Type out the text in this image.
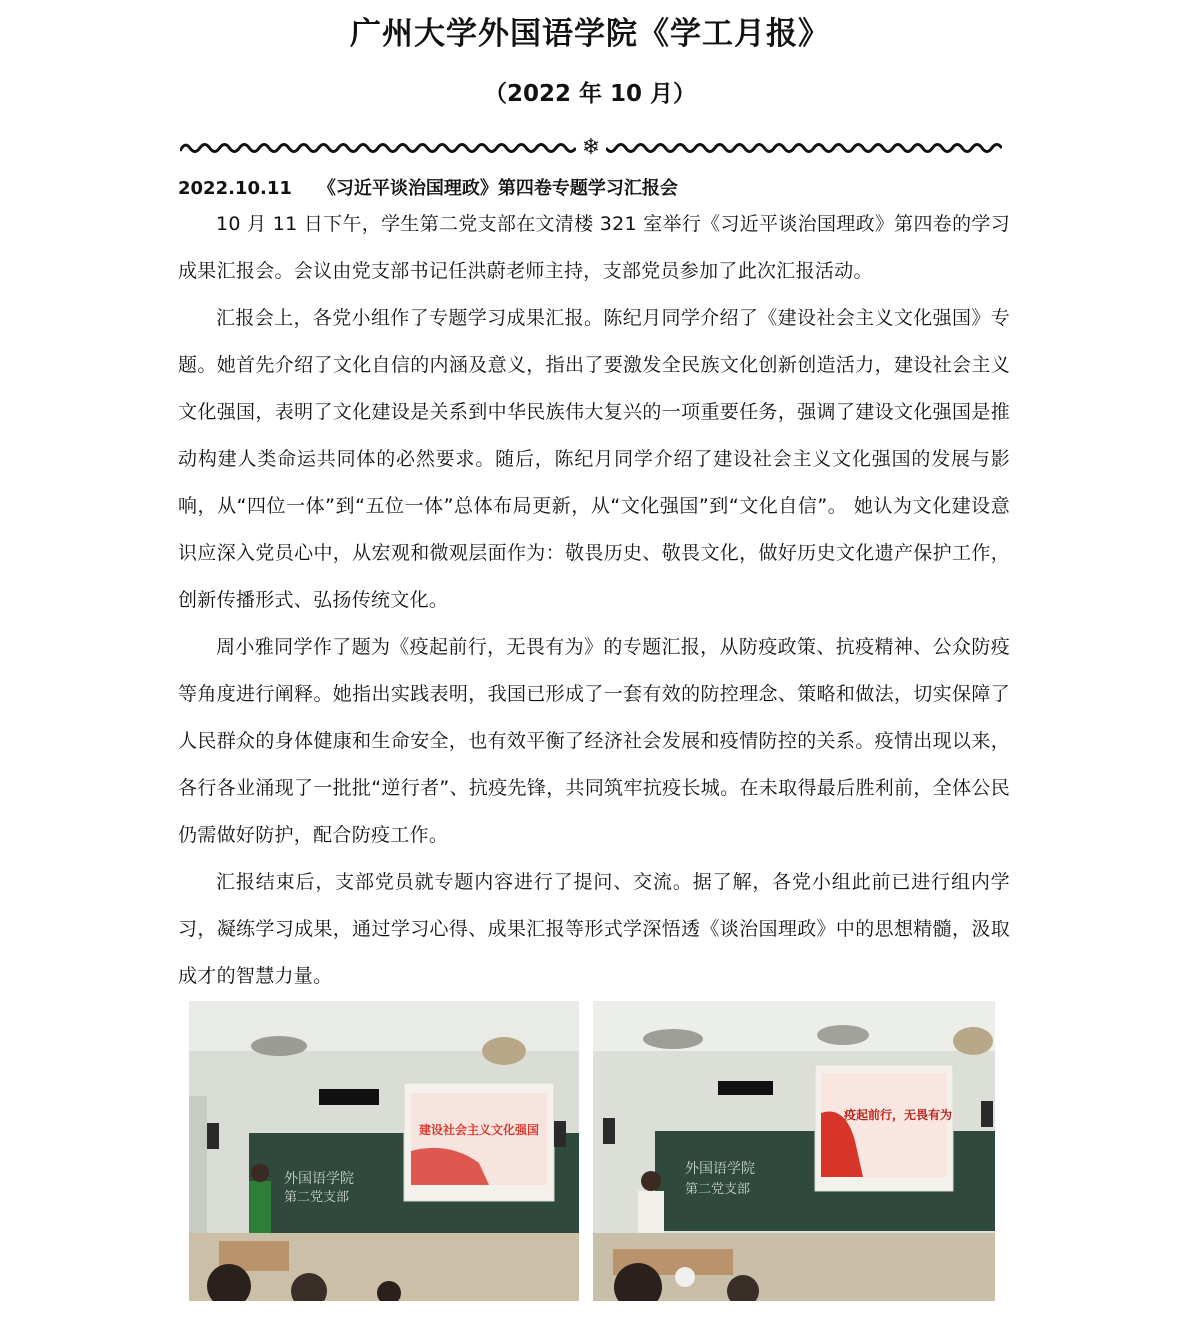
广州大学外国语学院《学工月报》
（2022 年 10 月）
❄
2022.10.11 《习近平谈治国理政》第四卷专题学习汇报会

10 月 11 日下午，学生第二党支部在文清楼 321 室举行《习近平谈治国理政》第四卷的学习成果汇报会。会议由党支部书记任洪蔚老师主持，支部党员参加了此次汇报活动。

汇报会上，各党小组作了专题学习成果汇报。陈纪月同学介绍了《建设社会主义文化强国》专题。她首先介绍了文化自信的内涵及意义，指出了要激发全民族文化创新创造活力，建设社会主义文化强国，表明了文化建设是关系到中华民族伟大复兴的一项重要任务，强调了建设文化强国是推动构建人类命运共同体的必然要求。随后，陈纪月同学介绍了建设社会主义文化强国的发展与影响，从“四位一体”到“五位一体”总体布局更新，从“文化强国”到“文化自信”。 她认为文化建设意识应深入党员心中，从宏观和微观层面作为：敬畏历史、敬畏文化，做好历史文化遗产保护工作，创新传播形式、弘扬传统文化。

周小雅同学作了题为《疫起前行，无畏有为》的专题汇报，从防疫政策、抗疫精神、公众防疫等角度进行阐释。她指出实践表明，我国已形成了一套有效的防控理念、策略和做法，切实保障了人民群众的身体健康和生命安全，也有效平衡了经济社会发展和疫情防控的关系。疫情出现以来，各行各业涌现了一批批“逆行者”、抗疫先锋，共同筑牢抗疫长城。在未取得最后胜利前，全体公民仍需做好防护，配合防疫工作。

汇报结束后，支部党员就专题内容进行了提问、交流。据了解，各党小组此前已进行组内学习，凝练学习成果，通过学习心得、成果汇报等形式学深悟透《谈治国理政》中的思想精髓，汲取成才的智慧力量。

外国语学院
第二党支部
建设社会主义文化强国
外国语学院
第二党支部
疫起前行，无畏有为
